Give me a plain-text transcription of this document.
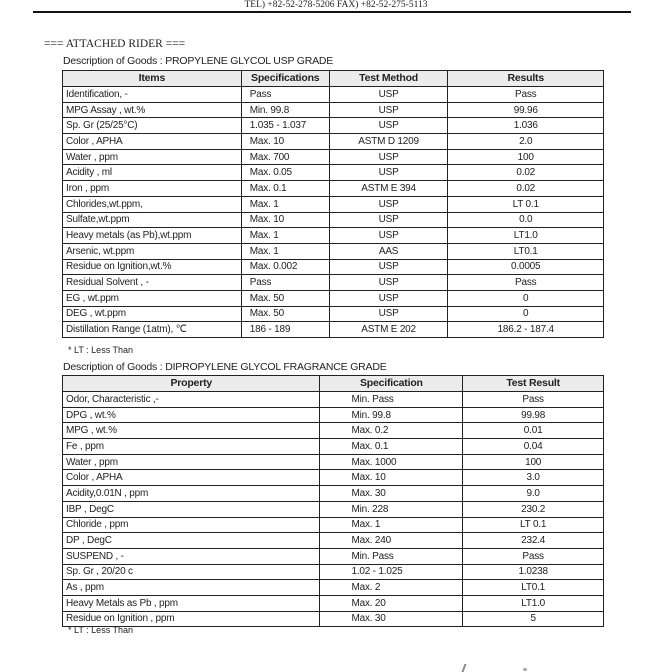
TEL) +82-52-278-5206 FAX) +82-52-275-5113
=== ATTACHED RIDER ===
Description of Goods : PROPYLENE GLYCOL USP GRADE
Items	Specifications	Test Method	Results
Identification, -	Pass	USP	Pass
MPG Assay , wt.%	Min. 99.8	USP	99.96
Sp. Gr (25/25°C)	1.035 - 1.037	USP	1.036
Color , APHA	Max. 10	ASTM D 1209	2.0
Water , ppm	Max. 700	USP	100
Acidity , ml	Max. 0.05	USP	0.02
Iron , ppm	Max. 0.1	ASTM E 394	0.02
Chlorides,wt.ppm,	Max. 1	USP	LT 0.1
Sulfate,wt.ppm	Max. 10	USP	0.0
Heavy metals (as Pb),wt.ppm	Max. 1	USP	LT1.0
Arsenic, wt.ppm	Max. 1	AAS	LT0.1
Residue on Ignition,wt.%	Max. 0.002	USP	0.0005
Residual Solvent , -	Pass	USP	Pass
EG , wt.ppm	Max. 50	USP	0
DEG , wt.ppm	Max. 50	USP	0
Distillation Range (1atm), ℃	186 - 189	ASTM E 202	186.2 - 187.4
* LT : Less Than
Description of Goods : DIPROPYLENE GLYCOL FRAGRANCE GRADE
Property	Specification	Test Result
Odor, Characteristic ,-	Min. Pass	Pass
DPG , wt.%	Min. 99.8	99.98
MPG , wt.%	Max. 0.2	0.01
Fe , ppm	Max. 0.1	0.04
Water , ppm	Max. 1000	100
Color , APHA	Max. 10	3.0
Acidity,0.01N , ppm	Max. 30	9.0
IBP , DegC	Min. 228	230.2
Chloride , ppm	Max. 1	LT 0.1
DP , DegC	Max. 240	232.4
SUSPEND , -	Min. Pass	Pass
Sp. Gr , 20/20 c	1.02 - 1.025	1.0238
As , ppm	Max. 2	LT0.1
Heavy Metals as Pb , ppm	Max. 20	LT1.0
Residue on Ignition , ppm	Max. 30	5
* LT : Less Than
